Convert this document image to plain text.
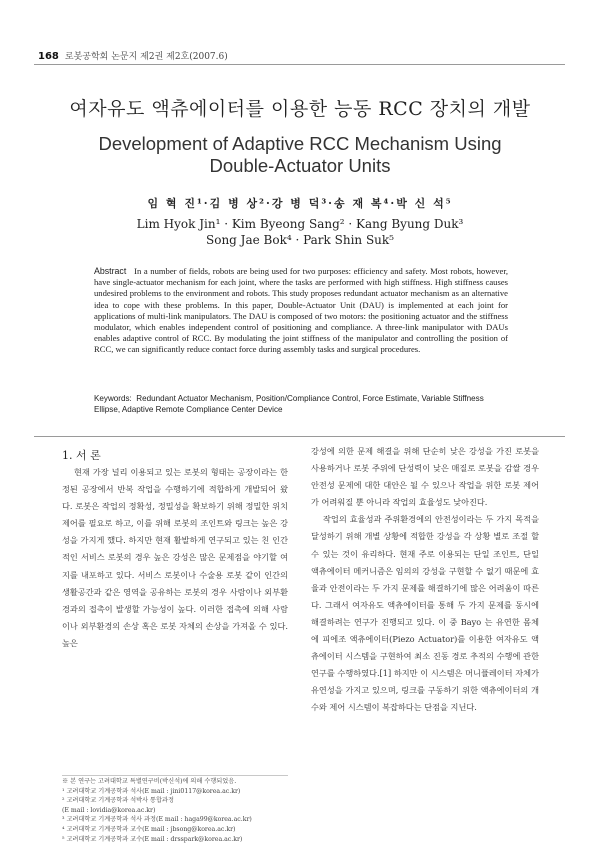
168 로봇공학회 논문지 제2권 제2호(2007.6)
여자유도 액츄에이터를 이용한 능동 RCC 장치의 개발
Development of Adaptive RCC Mechanism Using
Double-Actuator Units
임 혁 진¹·김 병 상²·강 병 덕³·송 재 복⁴·박 신 석⁵
Lim Hyok Jin¹ · Kim Byeong Sang² · Kang Byung Duk³
Song Jae Bok⁴ · Park Shin Suk⁵
Abstract In a number of fields, robots are being used for two purposes: efficiency and safety. Most robots, however, have single-actuator mechanism for each joint, where the tasks are performed with high stiffness. High stiffness causes undesired problems to the environment and robots. This study proposes redundant actuator mechanism as an alternative idea to cope with these problems. In this paper, Double-Actuator Unit (DAU) is implemented at each joint for applications of multi-link manipulators. The DAU is composed of two motors: the positioning actuator and the stiffness modulator, which enables independent control of positioning and compliance. A three-link manipulator with DAUs enables adaptive control of RCC. By modulating the joint stiffness of the manipulator and controlling the position of RCC, we can significantly reduce contact force during assembly tasks and surgical procedures.
Keywords: Redundant Actuator Mechanism, Position/Compliance Control, Force Estimate, Variable Stiffness Ellipse, Adaptive Remote Compliance Center Device
1. 서 론

현재 가장 널리 이용되고 있는 로봇의 형태는 공장이라는 한정된 공장에서 반복 작업을 수행하기에 적합하게 개발되어 왔다. 로봇은 작업의 정확성, 정밀성을 확보하기 위해 정밀한 위치제어를 필요로 하고, 이를 위해 로봇의 조인트와 링크는 높은 강성을 가지게 했다. 하지만 현재 활발하게 연구되고 있는 친 인간적인 서비스 로봇의 경우 높은 강성은 많은 문제점을 야기할 여지를 내포하고 있다. 서비스 로봇이나 수술용 로봇 같이 인간의 생활공간과 같은 영역을 공유하는 로봇의 경우 사람이나 외부환경과의 접촉이 발생할 가능성이 높다. 이러한 접촉에 의해 사람이나 외부환경의 손상 혹은 로봇 자체의 손상을 가져올 수 있다. 높은

강성에 의한 문제 해결을 위해 단순히 낮은 강성을 가진 로봇을 사용하거나 로봇 주위에 단성력이 낮은 매질로 로봇을 감쌀 경우 안전성 문제에 대한 대안은 될 수 있으나 작업을 위한 로봇 제어가 어려워질 뿐 아니라 작업의 효율성도 낮아진다.

작업의 효율성과 주위환경에의 안전성이라는 두 가지 목적을 달성하기 위해 개별 상황에 적합한 강성을 각 상황 별로 조절 할 수 있는 것이 유리하다. 현재 주로 이용되는 단일 조인트, 단일 액츄에이터 메커니즘은 임의의 강성을 구현할 수 없기 때문에 효율과 안전이라는 두 가지 문제를 해결하기에 많은 어려움이 따른다. 그래서 여자유도 액츄에이터를 통해 두 가지 문제를 동시에 해결하려는 연구가 진행되고 있다. 이 중 Bayo 는 유연한 몸체에 피에조 액츄에이터(Piezo Actuator)를 이용한 여자유도 액츄에이터 시스템을 구현하여 최소 진동 경로 추적의 수행에 관한 연구를 수행하였다.[1] 하지만 이 시스템은 머니퓰레이터 자체가 유연성을 가지고 있으며, 링크를 구동하기 위한 액츄에이터의 개수와 제어 시스템이 복잡하다는 단점을 지닌다.

※ 본 연구는 고려대학교 특별연구비(박신석)에 의해 수행되었음.
¹ 고려대학교 기계공학과 석사(E mail : jini0117@korea.ac.kr)
² 고려대학교 기계공학과 석박사 통합과정
(E mail : lovidia@korea.ac.kr)
³ 고려대학교 기계공학과 석사 과정(E mail : haga99@korea.ac.kr)
⁴ 고려대학교 기계공학과 교수(E mail : jbsong@korea.ac.kr)
⁵ 고려대학교 기계공학과 교수(E mail : drsspark@korea.ac.kr)
